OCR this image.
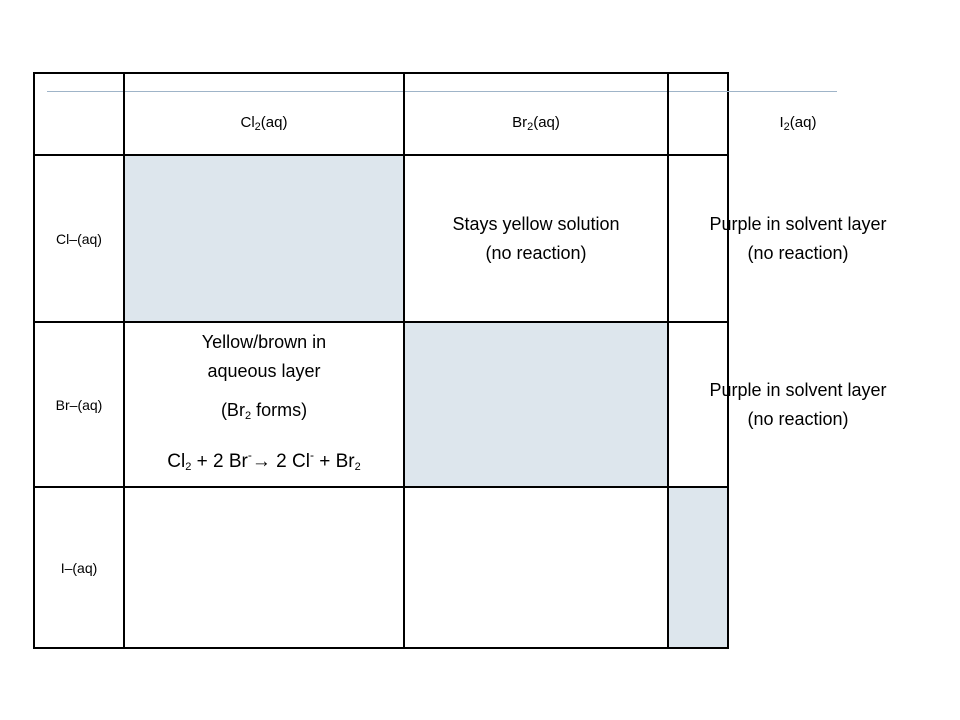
$Cl_2(aq)$	$Br_2(aq)$	$I_2(aq)$
Cl–(aq)
Br–(aq)
I–(aq)
Stays yellow solution
(no reaction)
Purple in solvent layer
(no reaction)
Yellow/brown in
aqueous layer
($Br_2$ forms)
$Cl_2 + 2$ Br-→ 2 $Cl^- + Br_2$
Purple in solvent layer
(no reaction)
